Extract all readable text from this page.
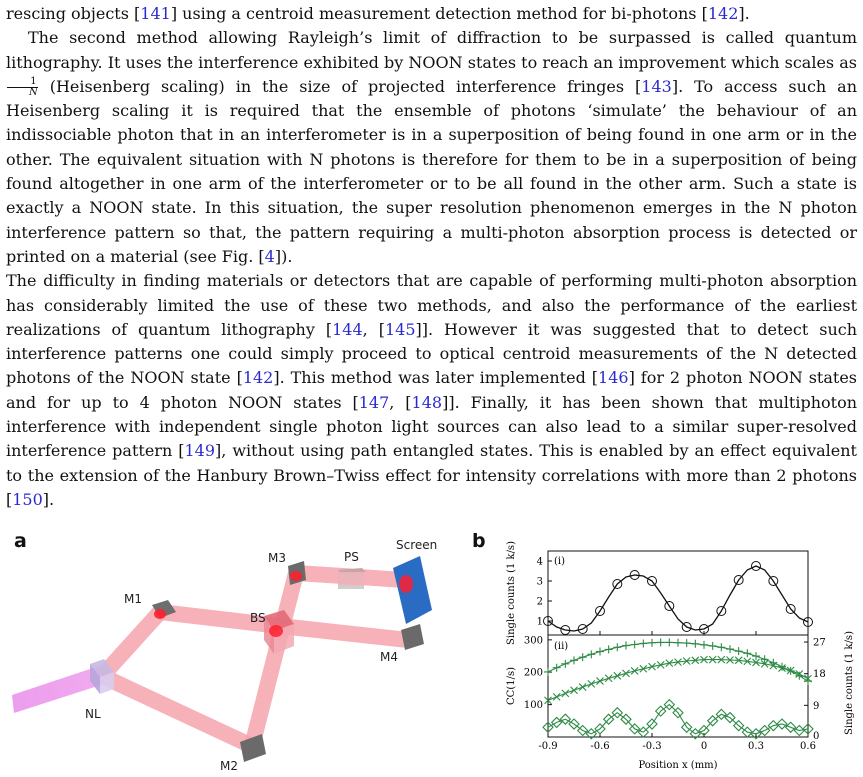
rescing objects [141] using a centroid measurement detection method for bi-photons [142].

The second method allowing Rayleigh’s limit of diffraction to be surpassed is called quantum lithography. It uses the interference exhibited by NOON states to reach an improvement which scales as
$\frac{1}{N}$ (Heisenberg scaling) in the size of projected interference fringes [143]. To access such an Heisenberg scaling it is required that the ensemble of photons ‘simulate’ the behaviour of an indissociable photon that in an interferometer is in a superposition of being found in one arm or in the other. The equivalent situation with N photons is therefore for them to be in a superposition of being found altogether in one arm of the interferometer or to be all found in the other arm. Such a state is exactly a NOON state. In this situation, the super resolution phenomenon emerges in the N photon interference pattern so that, the pattern requiring a multi-photon absorption process is detected or printed on a material (see Fig. [4]).

The difficulty in finding materials or detectors that are capable of performing multi-photon absorption has considerably limited the use of these two methods, and also the performance of the earliest realizations of quantum lithography [144, [145]]. However it was suggested that to detect such interference patterns one could simply proceed to optical centroid measurements of the N detected photons of the NOON state [142]. This method was later implemented [146] for 2 photon NOON states and for up to 4 photon NOON states [147, [148]]. Finally, it has been shown that multiphoton interference with independent single photon light sources can also lead to a similar super-resolved interference pattern [149], without using path entangled states. This is enabled by an effect equivalent to the extension of the Hanbury Brown–Twiss effect for intensity correlations with more than 2 photons [150].

a	b
M1
M2
M3
M4
BS
PS
NL
Screen
(i)
(ii)
1
2
3
4
100
200
300
9
18
27
0
-0.9	-0.6	-0.3	0	0.3	0.6
Single counts (1 k/s)
CC(1/s)	Single counts (1 k/s)
Position x (mm)
